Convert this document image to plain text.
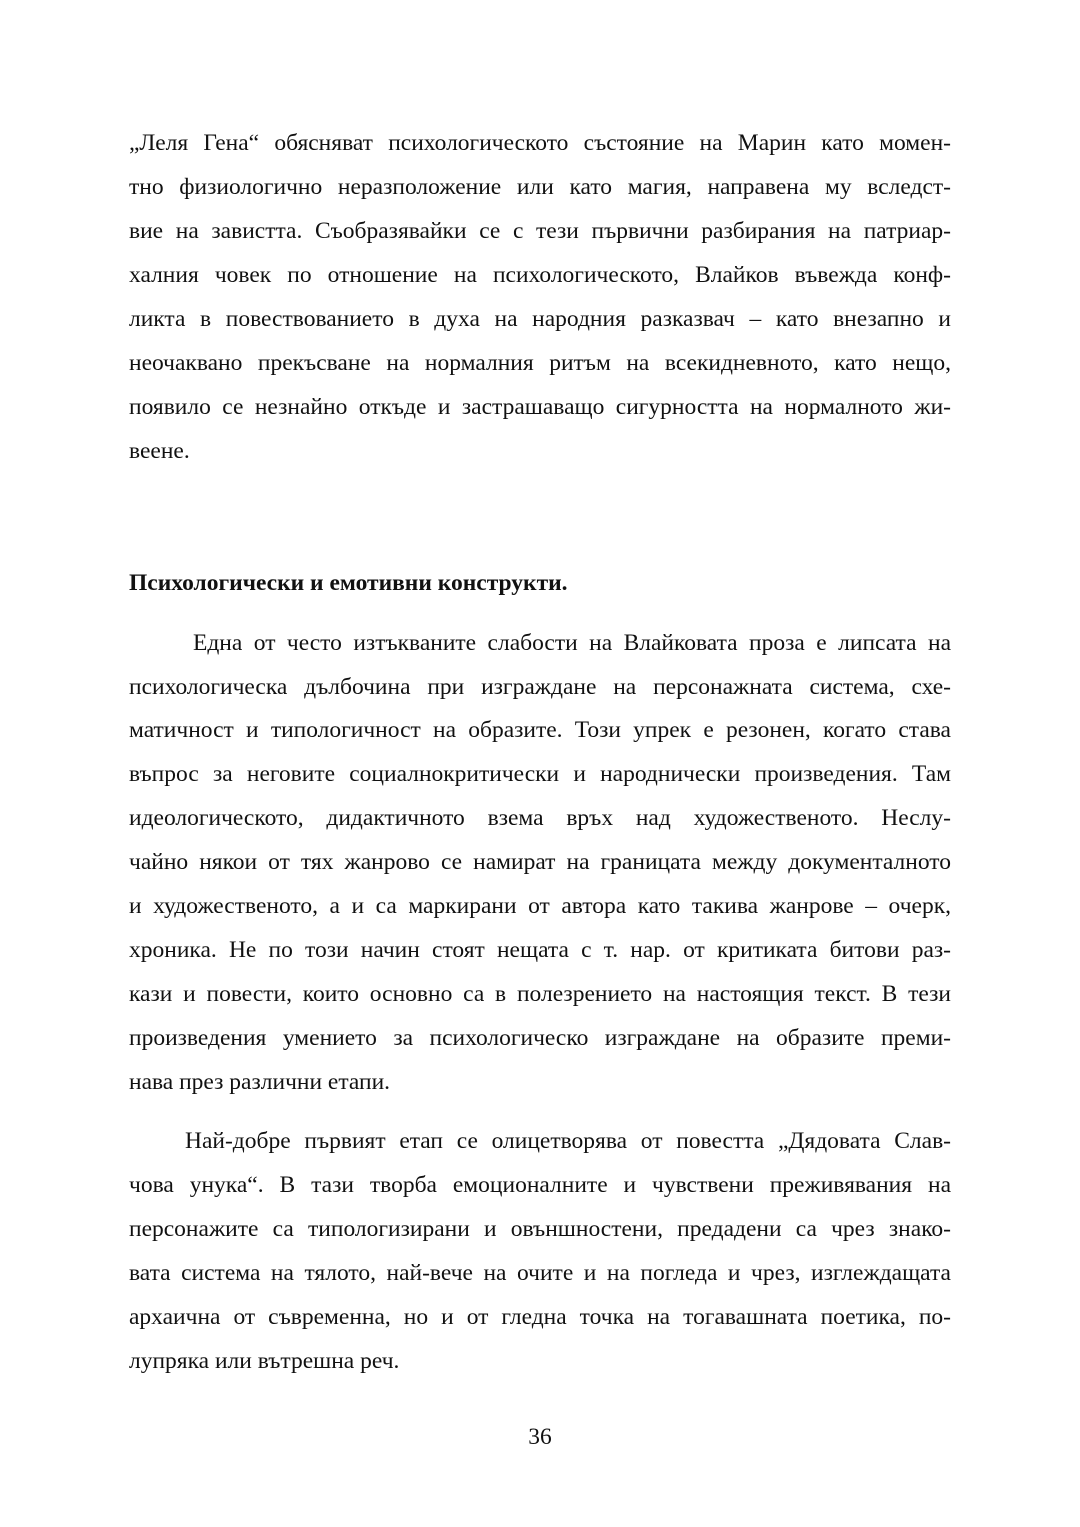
„Леля Гена“ обясняват психологическото състояние на Марин като момен-
тно физиологично неразположение или като магия, направена му вследст-
вие на завистта. Съобразявайки се с тези първични разбирания на патриар-
халния човек по отношение на психологическото, Влайков въвежда конф-
ликта в повествованието в духа на народния разказвач – като внезапно и
неочаквано прекъсване на нормалния ритъм на всекидневното, като нещо,
появило се незнайно откъде и застрашаващо сигурността на нормалното жи-
веене.
Психологически и емотивни конструкти.
Една от често изтъкваните слабости на Влайковата проза е липсата на
психологическа дълбочина при изграждане на персонажната система, схе-
матичност и типологичност на образите. Този упрек е резонен, когато става
въпрос за неговите социалнокритически и народнически произведения. Там
идеологическото, дидактичното взема връх над художественото. Неслу-
чайно някои от тях жанрово се намират на границата между документалното
и художественото, а и са маркирани от автора като такива жанрове – очерк,
хроника. Не по този начин стоят нещата с т. нар. от критиката битови раз-
кази и повести, които основно са в полезрението на настоящия текст. В тези
произведения умението за психологическо изграждане на образите преми-
нава през различни етапи.
Най-добре първият етап се олицетворява от повестта „Дядовата Слав-
чова унука“. В тази творба емоционалните и чувствени преживявания на
персонажите са типологизирани и овъншностени, предадени са чрез знако-
вата система на тялото, най-вече на очите и на погледа и чрез, изглеждащата
архаична от съвременна, но и от гледна точка на тогавашната поетика, по-
лупряка или вътрешна реч.
36
